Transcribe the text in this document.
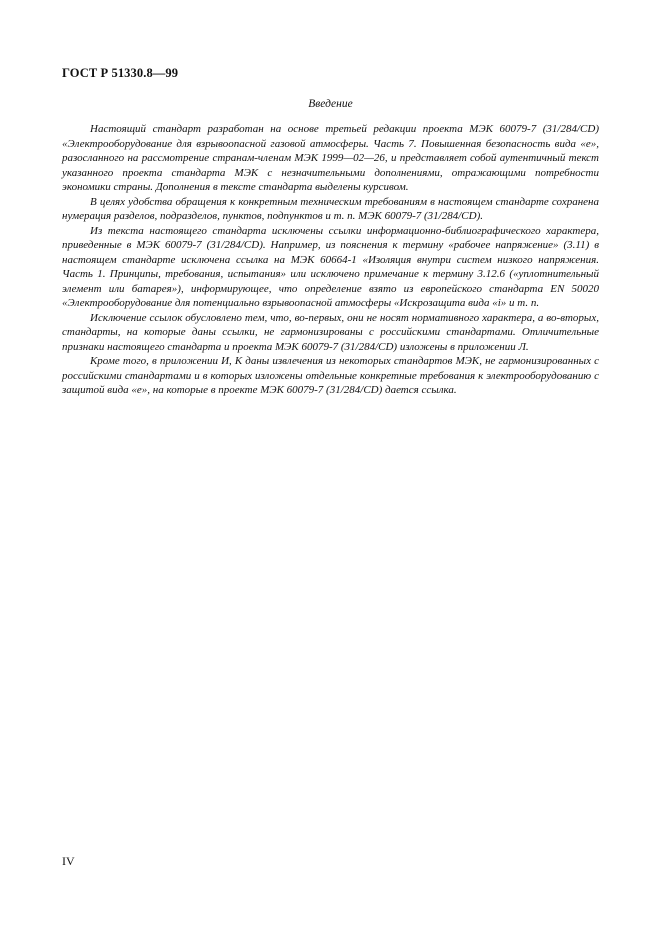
ГОСТ Р 51330.8—99
Введение

Настоящий стандарт разработан на основе третьей редакции проекта МЭК 60079-7 (31/284/CD) «Электрооборудование для взрывоопасной газовой атмосферы. Часть 7. Повышенная безопасность вида «е», разосланного на рассмотрение странам-членам МЭК 1999—02—26, и представляет собой аутентичный текст указанного проекта стандарта МЭК с незначительными дополнениями, отражающими потребности экономики страны. Дополнения в тексте стандарта выделены курсивом.

В целях удобства обращения к конкретным техническим требованиям в настоящем стандарте сохранена нумерация разделов, подразделов, пунктов, подпунктов и т. п. МЭК 60079-7 (31/284/CD).

Из текста настоящего стандарта исключены ссылки информационно-библиографического характера, приведенные в МЭК 60079-7 (31/284/CD). Например, из пояснения к термину «рабочее напряжение» (3.11) в настоящем стандарте исключена ссылка на МЭК 60664-1 «Изоляция внутри систем низкого напряжения. Часть 1. Принципы, требования, испытания» или исключено примечание к термину 3.12.6 («уплотнительный элемент или батарея»), информирующее, что определение взято из европейского стандарта EN 50020 «Электрооборудование для потенциально взрывоопасной атмосферы «Искрозащита вида «i» и т. п.

Исключение ссылок обусловлено тем, что, во-первых, они не носят нормативного характера, а во-вторых, стандарты, на которые даны ссылки, не гармонизированы с российскими стандартами. Отличительные признаки настоящего стандарта и проекта МЭК 60079-7 (31/284/CD) изложены в приложении Л.

Кроме того, в приложении И, К даны извлечения из некоторых стандартов МЭК, не гармонизированных с российскими стандартами и в которых изложены отдельные конкретные требования к электрооборудованию с защитой вида «е», на которые в проекте МЭК 60079-7 (31/284/CD) дается ссылка.

IV
